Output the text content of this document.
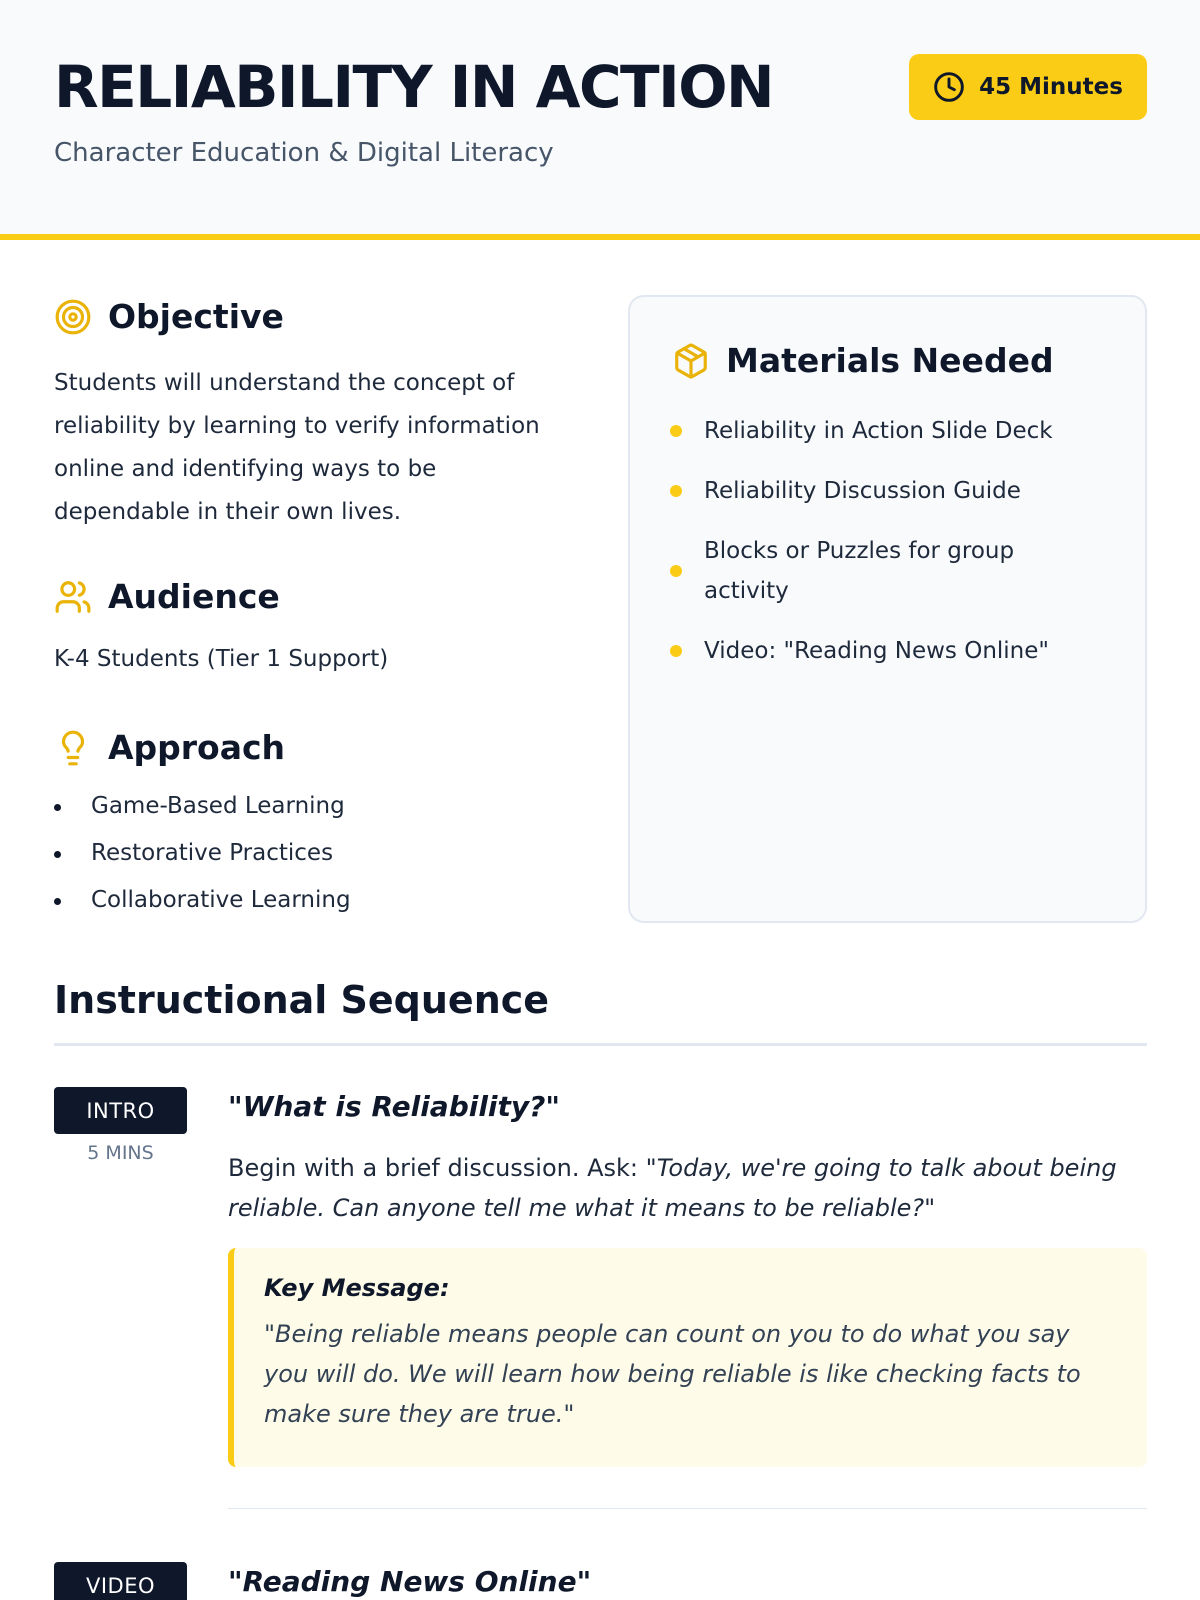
RELIABILITY IN ACTION
Character Education & Digital Literacy
45 Minutes
Objective

Students will understand the concept of reliability by learning to verify information online and identifying ways to be dependable in their own lives.

Audience

K-4 Students (Tier 1 Support)

Approach
Game-Based Learning
Restorative Practices
Collaborative Learning
Materials Needed
Reliability in Action Slide Deck
Reliability Discussion Guide
Blocks or Puzzles for group activity
Video: "Reading News Online"
Instructional Sequence
INTRO
5 MINS
"What is Reliability?"

Begin with a brief discussion. Ask: "Today, we're going to talk about being reliable. Can anyone tell me what it means to be reliable?"

Key Message:
"Being reliable means people can count on you to do what you say you will do. We will learn how being reliable is like checking facts to make sure they are true."
VIDEO	"Reading News Online"
